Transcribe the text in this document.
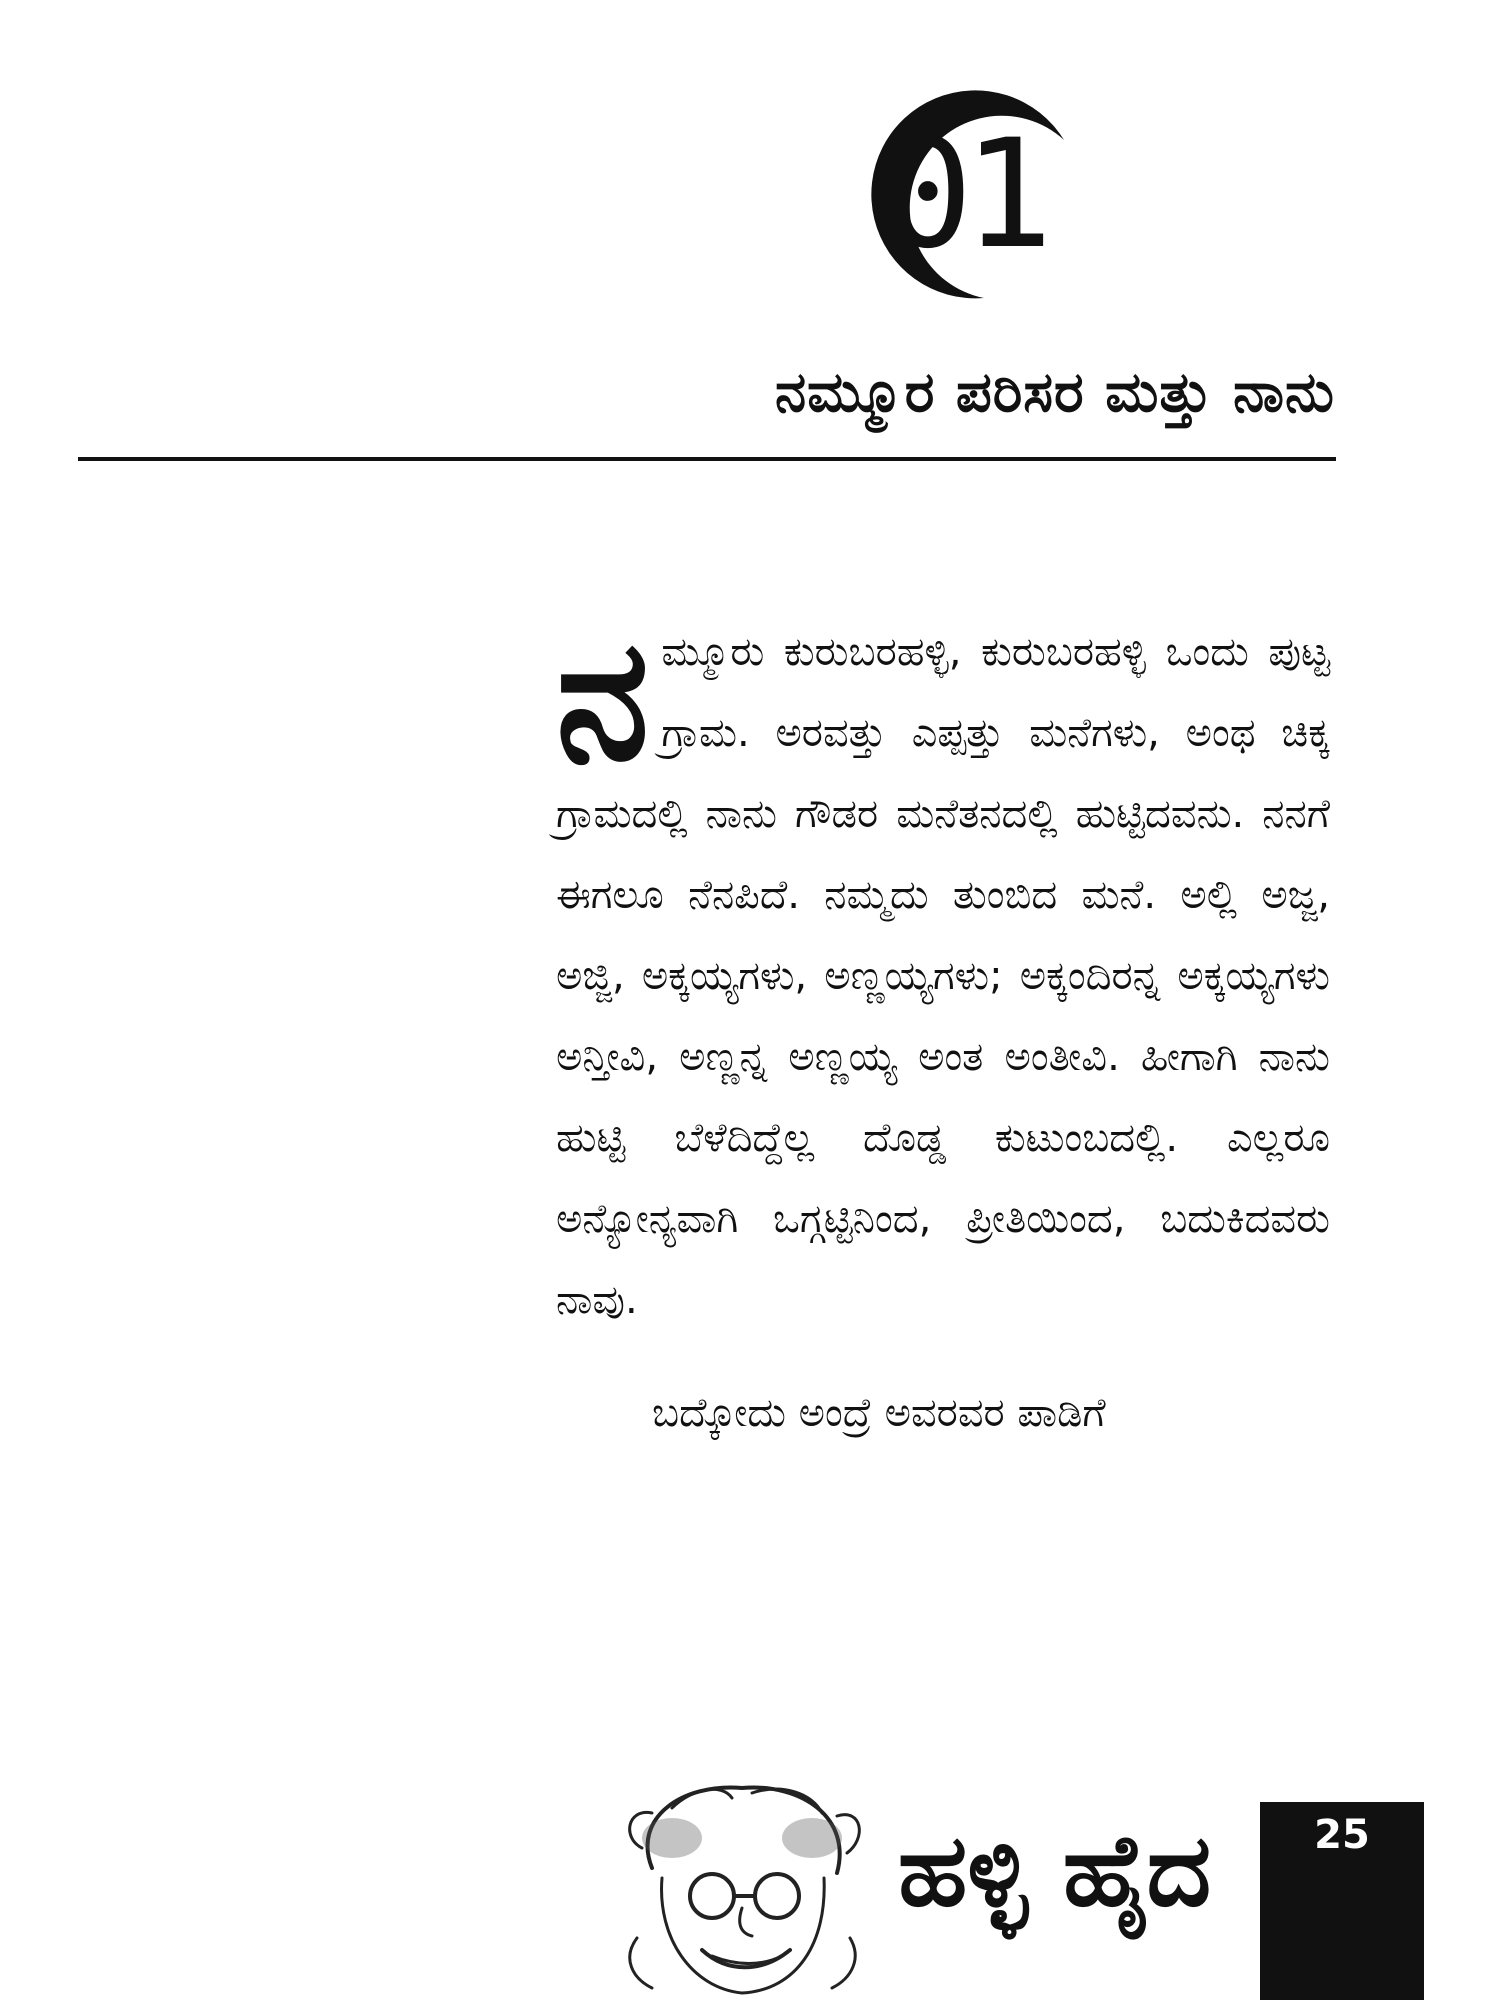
01
ನಮ್ಮೂರ ಪರಿಸರ ಮತ್ತು ನಾನು

ನ ಮ್ಮೂರು ಕುರುಬರಹಳ್ಳಿ, ಕುರುಬರಹಳ್ಳಿ ಒಂದು ಪುಟ್ಟ ಗ್ರಾಮ. ಅರವತ್ತು ಎಪ್ಪತ್ತು ಮನೆಗಳು, ಅಂಥ ಚಿಕ್ಕ ಗ್ರಾಮದಲ್ಲಿ ನಾನು ಗೌಡರ ಮನೆತನದಲ್ಲಿ ಹುಟ್ಟಿದವನು. ನನಗೆ ಈಗಲೂ ನೆನಪಿದೆ. ನಮ್ಮದು ತುಂಬಿದ ಮನೆ. ಅಲ್ಲಿ ಅಜ್ಜ, ಅಜ್ಜಿ, ಅಕ್ಕಯ್ಯಗಳು, ಅಣ್ಣಯ್ಯಗಳು; ಅಕ್ಕಂದಿರನ್ನ ಅಕ್ಕಯ್ಯಗಳು ಅನ್ತೀವಿ, ಅಣ್ಣನ್ನ ಅಣ್ಣಯ್ಯ ಅಂತ ಅಂತೀವಿ. ಹೀಗಾಗಿ ನಾನು ಹುಟ್ಟಿ ಬೆಳೆದಿದ್ದೆಲ್ಲ ದೊಡ್ಡ ಕುಟುಂಬದಲ್ಲಿ. ಎಲ್ಲರೂ ಅನ್ಯೋನ್ಯವಾಗಿ ಒಗ್ಗಟ್ಟಿನಿಂದ, ಪ್ರೀತಿಯಿಂದ, ಬದುಕಿದವರು ನಾವು.

ಬದ್ಕೋದು ಅಂದ್ರೆ ಅವರವರ ಪಾಡಿಗೆ

ಹಳ್ಳಿ ಹೈದ	25
